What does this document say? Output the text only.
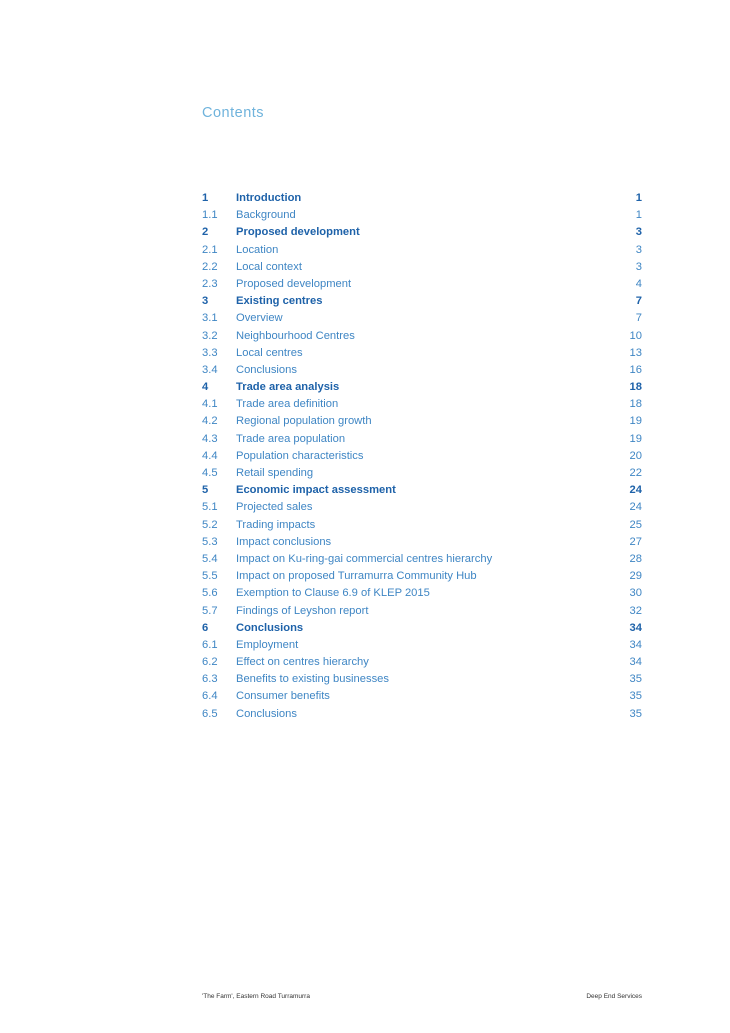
Contents
1	Introduction	1
1.1	Background	1
2	Proposed development	3
2.1	Location	3
2.2	Local context	3
2.3	Proposed development	4
3	Existing centres	7
3.1	Overview	7
3.2	Neighbourhood Centres	10
3.3	Local centres	13
3.4	Conclusions	16
4	Trade area analysis	18
4.1	Trade area definition	18
4.2	Regional population growth	19
4.3	Trade area population	19
4.4	Population characteristics	20
4.5	Retail spending	22
5	Economic impact assessment	24
5.1	Projected sales	24
5.2	Trading impacts	25
5.3	Impact conclusions	27
5.4	Impact on Ku-ring-gai commercial centres hierarchy	28
5.5	Impact on proposed Turramurra Community Hub	29
5.6	Exemption to Clause 6.9 of KLEP 2015	30
5.7	Findings of Leyshon report	32
6	Conclusions	34
6.1	Employment	34
6.2	Effect on centres hierarchy	34
6.3	Benefits to existing businesses	35
6.4	Consumer benefits	35
6.5	Conclusions	35
'The Farm', Eastern Road Turramurra	Deep End Services
